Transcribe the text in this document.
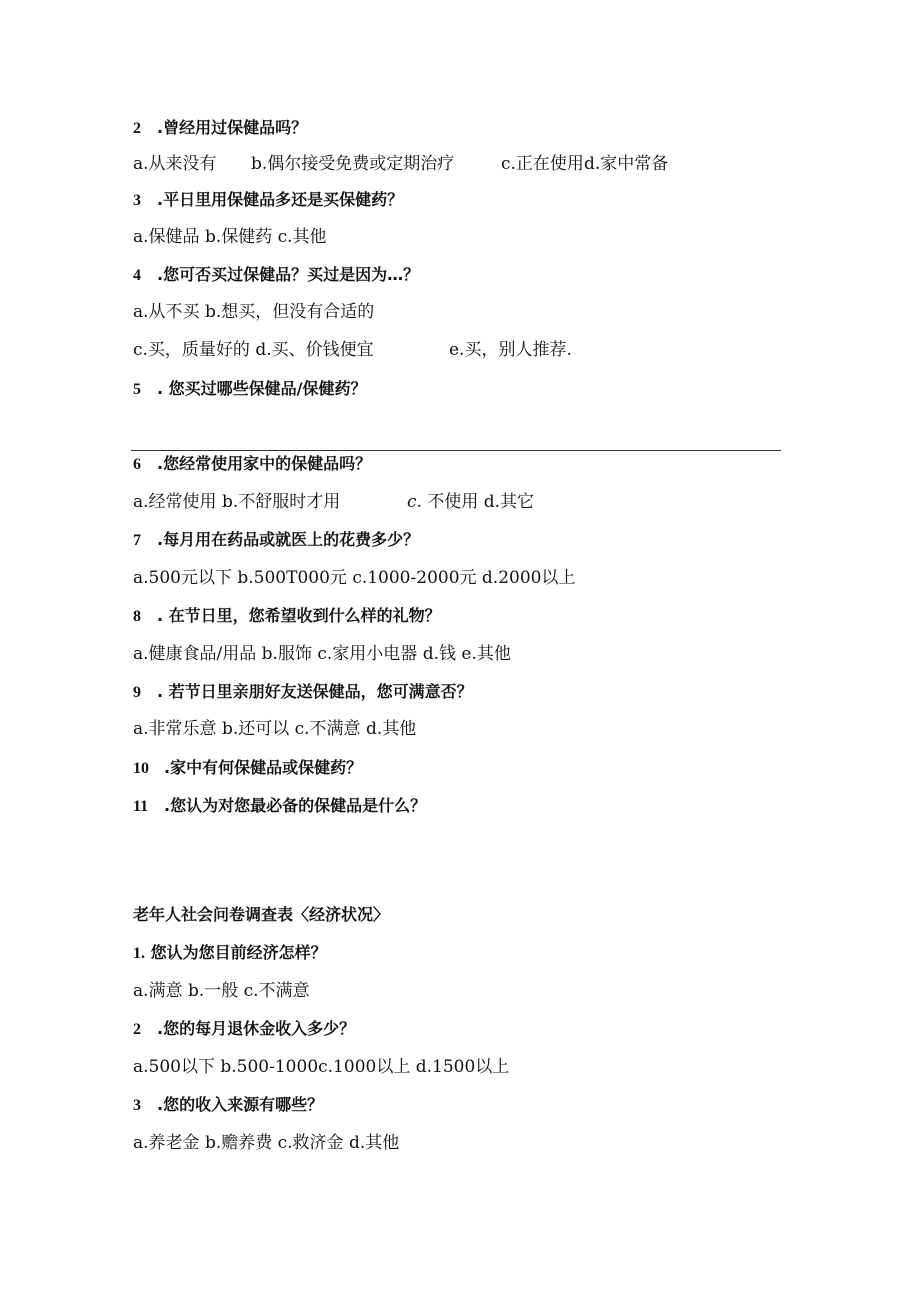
2 .曾经用过保健品吗？
a.从来没有 b.偶尔接受免费或定期治疗	c.正在使用d.家中常备
3 .平日里用保健品多还是买保健药？
a.保健品 b.保健药 c.其他
4 .您可否买过保健品？买过是因为…？
a.从不买 b.想买，但没有合适的
c.买，质量好的 d.买、价钱便宜	e.买，别人推荐.
5 . 您买过哪些保健品/保健药？
6 .您经常使用家中的保健品吗？
a.经常使用 b.不舒服时才用	c. 不使用 d.其它
7 .每月用在药品或就医上的花费多少？
a.500元以下 b.500T000元 c.1000-2000元 d.2000以上
8 . 在节日里，您希望收到什么样的礼物？
a.健康食品/用品 b.服饰 c.家用小电器 d.钱 e.其他
9 . 若节日里亲朋好友送保健品，您可满意否？
a.非常乐意 b.还可以 c.不满意 d.其他
10 .家中有何保健品或保健药？
11 .您认为对您最必备的保健品是什么？
老年人社会问卷调查表〈经济状况〉
1. 您认为您目前经济怎样？
a.满意 b.一般 c.不满意
2 .您的每月退休金收入多少？
a.500以下 b.500-1000c.1000以上 d.1500以上
3 .您的收入来源有哪些？
a.养老金 b.赡养费 c.救济金 d.其他
